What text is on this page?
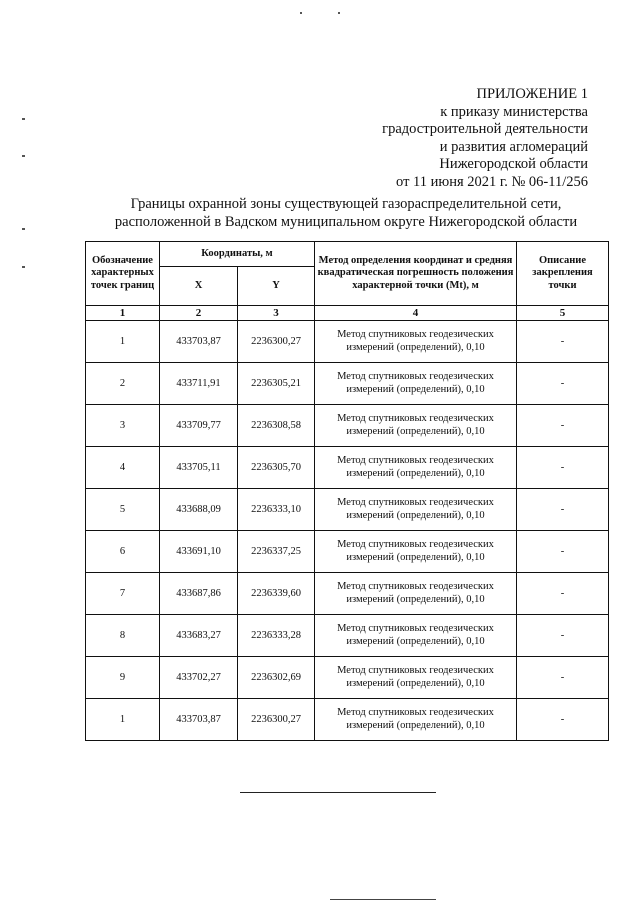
ПРИЛОЖЕНИЕ 1
к приказу министерства
градостроительной деятельности
и развития агломераций
Нижегородской области
от 11 июня 2021 г. № 06-11/256
Границы охранной зоны существующей газораспределительной сети,
расположенной в Вадском муниципальном округе Нижегородской области
Обозначение характерных точек границ	Координаты, м		Метод определения координат и средняя квадратическая погрешность положения характерной точки (Mt), м	Описание закрепления точки
	X	Y		
1	2	3	4	5
1	433703,87	2236300,27	Метод спутниковых геодезических измерений (определений), 0,10	-
2	433711,91	2236305,21	Метод спутниковых геодезических измерений (определений), 0,10	-
3	433709,77	2236308,58	Метод спутниковых геодезических измерений (определений), 0,10	-
4	433705,11	2236305,70	Метод спутниковых геодезических измерений (определений), 0,10	-
5	433688,09	2236333,10	Метод спутниковых геодезических измерений (определений), 0,10	-
6	433691,10	2236337,25	Метод спутниковых геодезических измерений (определений), 0,10	-
7	433687,86	2236339,60	Метод спутниковых геодезических измерений (определений), 0,10	-
8	433683,27	2236333,28	Метод спутниковых геодезических измерений (определений), 0,10	-
9	433702,27	2236302,69	Метод спутниковых геодезических измерений (определений), 0,10	-
1	433703,87	2236300,27	Метод спутниковых геодезических измерений (определений), 0,10	-
